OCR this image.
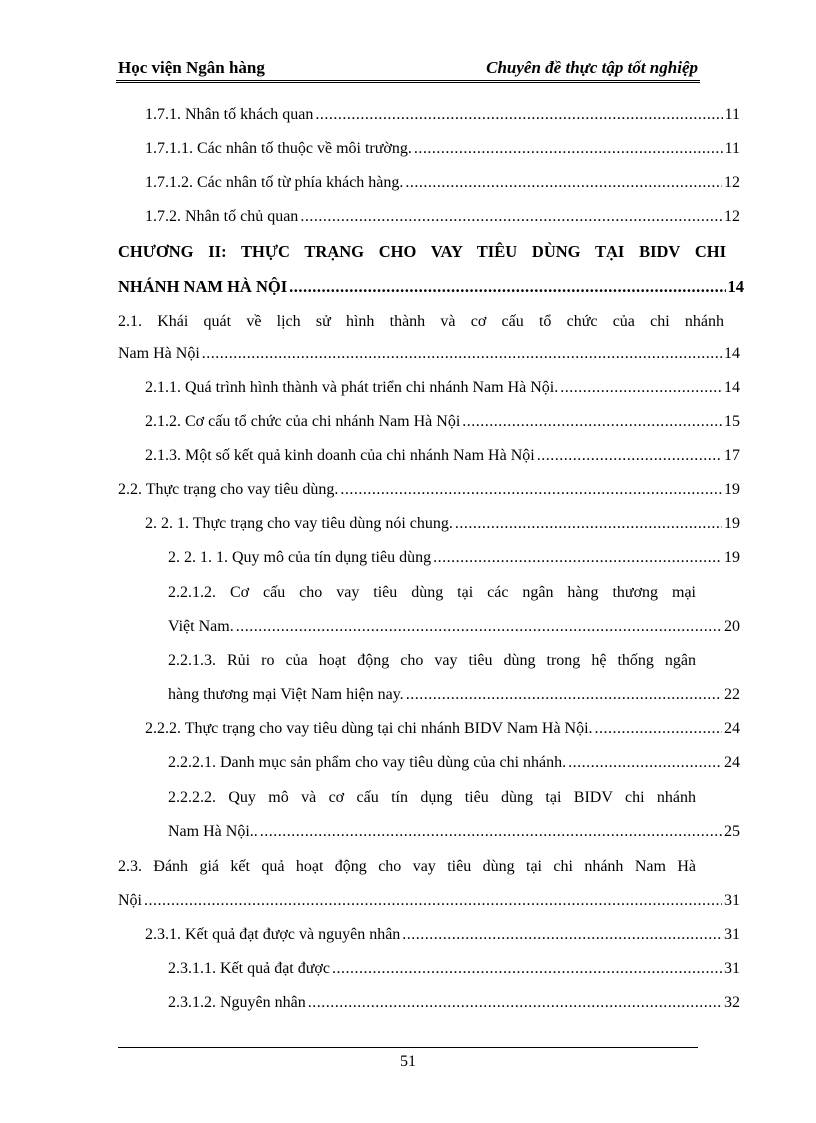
Học viện Ngân hàng	Chuyên đề thực tập tốt nghiệp
1.7.1. Nhân tố khách quan .....	11
1.7.1.1. Các nhân tố thuộc về môi trường. .....	11
1.7.1.2. Các nhân tố từ phía khách hàng. .....	12
1.7.2. Nhân tố chủ quan .....	12
CHƯƠNG II: THỰC TRẠNG CHO VAY TIÊU DÙNG TẠI BIDV CHI
NHÁNH NAM HÀ NỘI .....	14
2.1. Khái quát về lịch sử hình thành và cơ cấu tổ chức của chi nhánh
Nam Hà Nội .....	14
2.1.1. Quá trình hình thành và phát triển chi nhánh Nam Hà Nội. .....	14
2.1.2. Cơ cấu tổ chức của chi nhánh Nam Hà Nội .....	15
2.1.3. Một số kết quả kinh doanh của chi nhánh Nam Hà Nội .....	17
2.2. Thực trạng cho vay tiêu dùng. .....	19
2. 2. 1. Thực trạng cho vay tiêu dùng nói chung. .....	19
2. 2. 1. 1. Quy mô của tín dụng tiêu dùng .....	19
2.2.1.2. Cơ cấu cho vay tiêu dùng tại các ngân hàng thương mại
Việt Nam. .....	20
2.2.1.3. Rủi ro của hoạt động cho vay tiêu dùng trong hệ thống ngân
hàng thương mại Việt Nam hiện nay. .....	22
2.2.2. Thực trạng cho vay tiêu dùng tại chi nhánh BIDV Nam Hà Nội. .....	24
2.2.2.1. Danh mục sản phẩm cho vay tiêu dùng của chi nhánh. .....	24
2.2.2.2. Quy mô và cơ cấu tín dụng tiêu dùng tại BIDV chi nhánh
Nam Hà Nội.. .....	25
2.3. Đánh giá kết quả hoạt động cho vay tiêu dùng tại chi nhánh Nam Hà
Nội .....	31
2.3.1. Kết quả đạt được và nguyên nhân .....	31
2.3.1.1. Kết quả đạt được .....	31
2.3.1.2. Nguyên nhân .....	32
51
